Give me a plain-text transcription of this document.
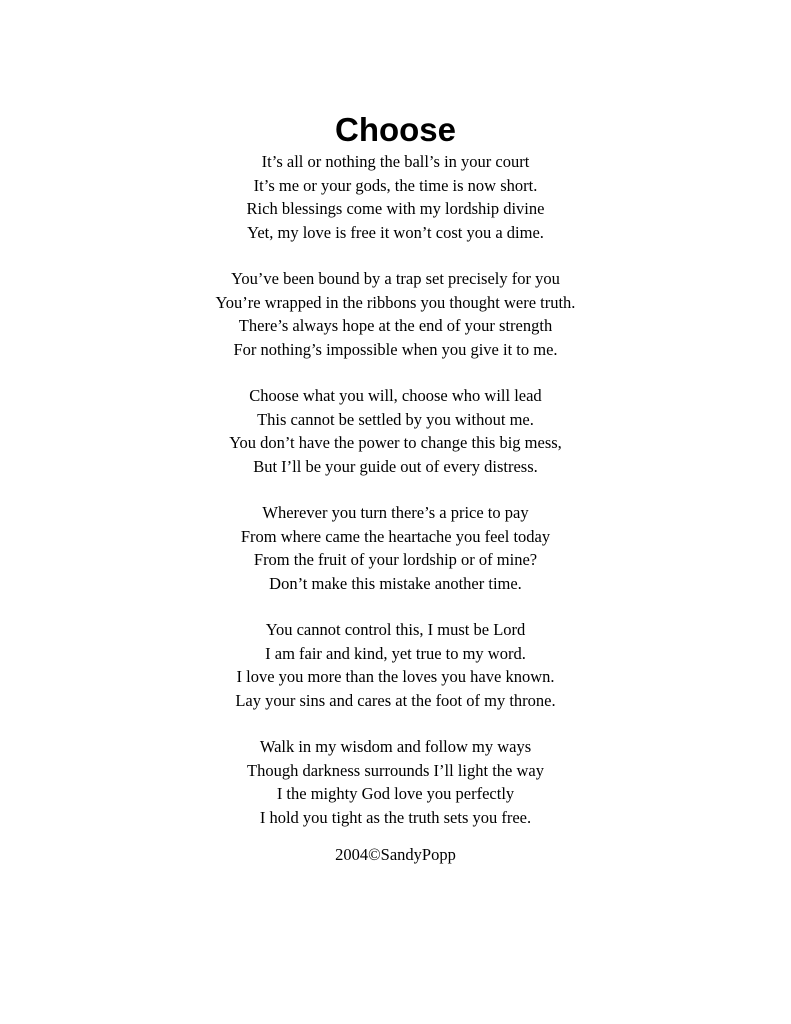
Choose
It’s all or nothing the ball’s in your court
It’s me or your gods, the time is now short.
Rich blessings come with my lordship divine
Yet, my love is free it won’t cost you a dime.
You’ve been bound by a trap set precisely for you
You’re wrapped in the ribbons you thought were truth.
There’s always hope at the end of your strength
For nothing’s impossible when you give it to me.
Choose what you will, choose who will lead
This cannot be settled by you without me.
You don’t have the power to change this big mess,
But I’ll be your guide out of every distress.
Wherever you turn there’s a price to pay
From where came the heartache you feel today
From the fruit of your lordship or of mine?
Don’t make this mistake another time.
You cannot control this, I must be Lord
I am fair and kind, yet true to my word.
I love you more than the loves you have known.
Lay your sins and cares at the foot of my throne.
Walk in my wisdom and follow my ways
Though darkness surrounds I’ll light the way
I the mighty God love you perfectly
I hold you tight as the truth sets you free.
2004©SandyPopp
